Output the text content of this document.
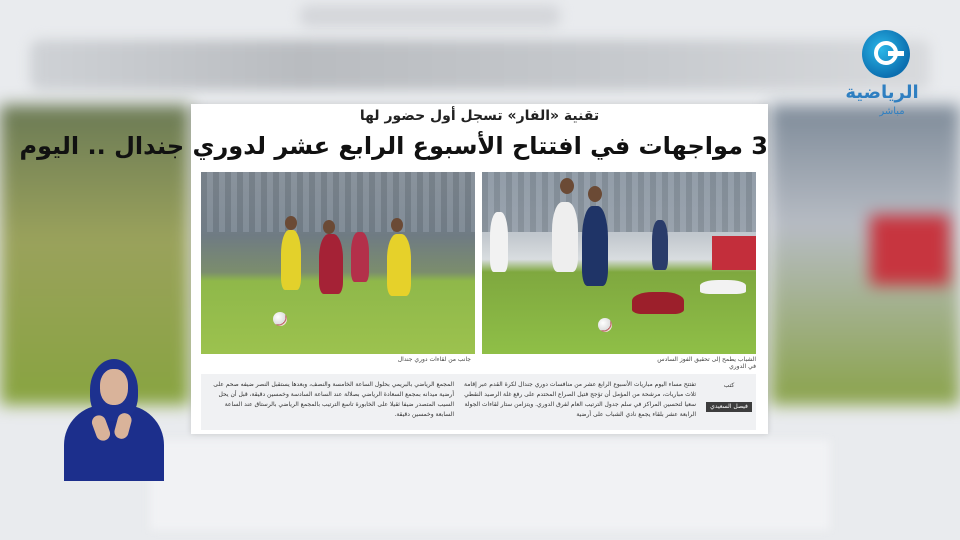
الرياضية
مباشر
تقنية «الفار» تسجل أول حضور لها
3 مواجهات في افتتاح الأسبوع الرابع عشر لدوري جندال .. اليوم
جانب من لقاءات دوري جندال	الشباب يطمح إلى تحقيق الفوز السادس في الدوري
المجمع الرياضي بالبريمي بحلول الساعة الخامسة والنصف، وبعدها يستقبل النصر ضيفه صحم على أرضية ميدانه بمجمع السعادة الرياضي بصلالة عند الساعة السادسة وخمسين دقيقة، قبل أن يحل السيب المتصدر ضيفا ثقيلا على الخابورة تاسع الترتيب بالمجمع الرياضي بالرستاق عند الساعة السابعة وخمسين دقيقة.
تفتتح مساء اليوم مباريات الأسبوع الرابع عشر من منافسات دوري جندال لكرة القدم عبر إقامة ثلاث مباريات، مرشحة من المؤمل أن تؤجج فتيل الصراع المحتدم على رفع غلة الرصيد النقطي سعيا لتحسين المراكز في سلم جدول الترتيب العام لفرق الدوري. ويتزامن ستار لقاءات الجولة الرابعة عشر بلقاء يجمع نادي الشباب على أرضية
كتب
فيصل السعيدي
